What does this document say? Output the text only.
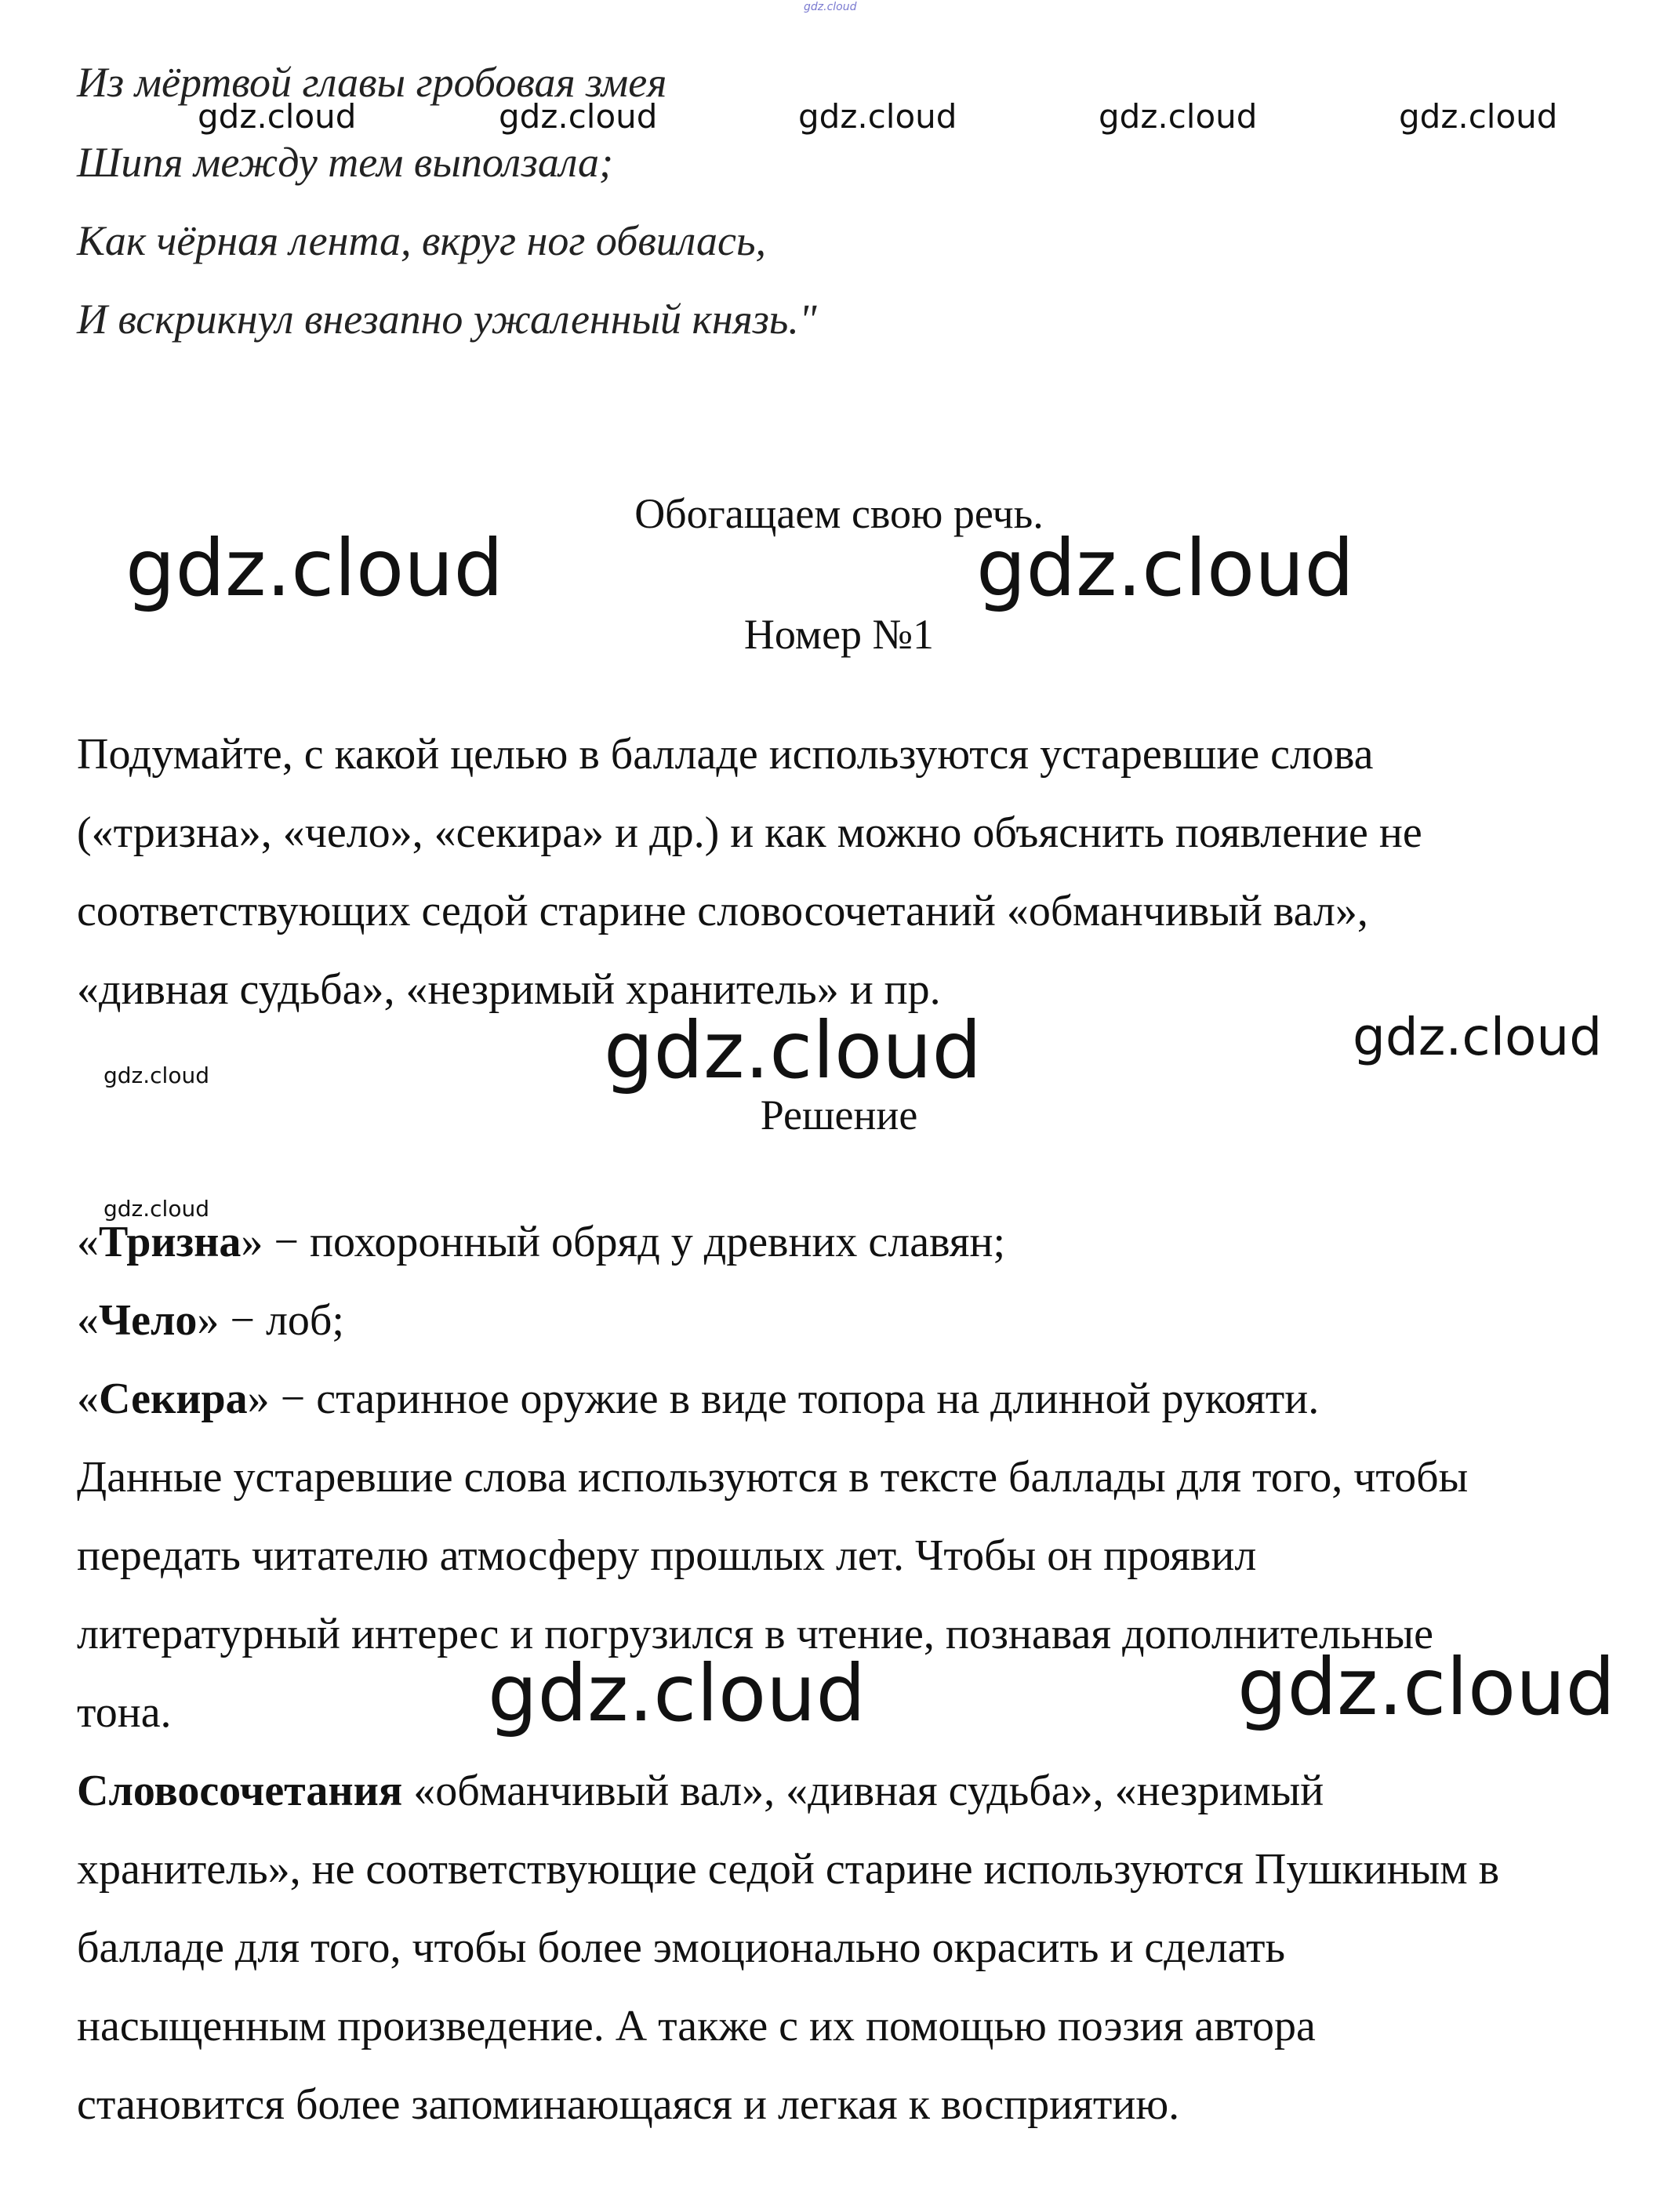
gdz.cloud
Из мёртвой главы гробовая змея
Шипя между тем выползала;
Как чёрная лента, вкруг ног обвилась,
И вскрикнул внезапно ужаленный князь."
gdz.cloud	gdz.cloud	gdz.cloud	gdz.cloud	gdz.cloud
Обогащаем свою речь.
gdz.cloud	gdz.cloud
Номер №1
Подумайте, с какой целью в балладе используются устаревшие слова
(«тризна», «чело», «секира» и др.) и как можно объяснить появление не
соответствующих седой старине словосочетаний «обманчивый вал»,
«дивная судьба», «незримый хранитель» и пр.
gdz.cloud	gdz.cloud	gdz.cloud
Решение
gdz.cloud
«Тризна» − похоронный обряд у древних славян;
«Чело» − лоб;
«Секира» − старинное оружие в виде топора на длинной рукояти.
Данные устаревшие слова используются в тексте баллады для того, чтобы
передать читателю атмосферу прошлых лет. Чтобы он проявил
литературный интерес и погрузился в чтение, познавая дополнительные
тона.	gdz.cloud	gdz.cloud
Словосочетания «обманчивый вал», «дивная судьба», «незримый
хранитель», не соответствующие седой старине используются Пушкиным в
балладе для того, чтобы более эмоционально окрасить и сделать
насыщенным произведение. А также с их помощью поэзия автора
становится более запоминающаяся и легкая к восприятию.
